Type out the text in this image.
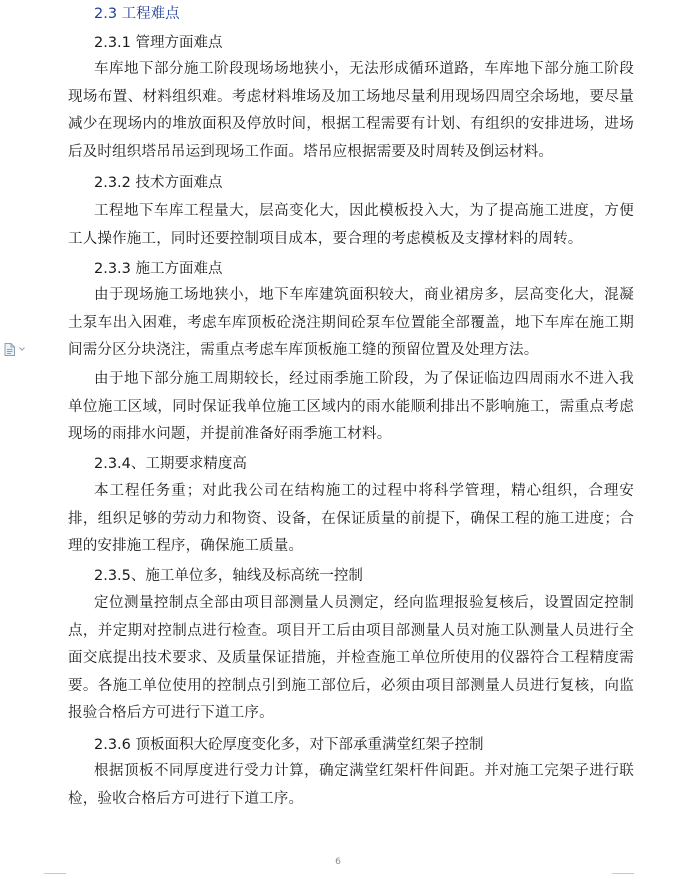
2.3 工程难点
2.3.1 管理方面难点

车库地下部分施工阶段现场场地狭小，无法形成循环道路，车库地下部分施工阶段现场布置、材料组织难。考虑材料堆场及加工场地尽量利用现场四周空余场地，要尽量减少在现场内的堆放面积及停放时间，根据工程需要有计划、有组织的安排进场，进场后及时组织塔吊吊运到现场工作面。塔吊应根据需要及时周转及倒运材料。

2.3.2 技术方面难点

工程地下车库工程量大，层高变化大，因此模板投入大，为了提高施工进度，方便工人操作施工，同时还要控制项目成本，要合理的考虑模板及支撑材料的周转。

2.3.3 施工方面难点

由于现场施工场地狭小，地下车库建筑面积较大，商业裙房多，层高变化大，混凝土泵车出入困难，考虑车库顶板砼浇注期间砼泵车位置能全部覆盖，地下车库在施工期间需分区分块浇注，需重点考虑车库顶板施工缝的预留位置及处理方法。

由于地下部分施工周期较长，经过雨季施工阶段，为了保证临边四周雨水不进入我单位施工区域，同时保证我单位施工区域内的雨水能顺利排出不影响施工，需重点考虑现场的雨排水问题，并提前准备好雨季施工材料。

2.3.4、工期要求精度高

本工程任务重；对此我公司在结构施工的过程中将科学管理，精心组织，合理安排，组织足够的劳动力和物资、设备，在保证质量的前提下，确保工程的施工进度；合理的安排施工程序，确保施工质量。

2.3.5、施工单位多，轴线及标高统一控制

定位测量控制点全部由项目部测量人员测定，经向监理报验复核后，设置固定控制点，并定期对控制点进行检查。项目开工后由项目部测量人员对施工队测量人员进行全面交底提出技术要求、及质量保证措施，并检查施工单位所使用的仪器符合工程精度需要。各施工单位使用的控制点引到施工部位后，必须由项目部测量人员进行复核，向监报验合格后方可进行下道工序。

2.3.6 顶板面积大砼厚度变化多，对下部承重满堂红架子控制

根据顶板不同厚度进行受力计算，确定满堂红架杆件间距。并对施工完架子进行联检，验收合格后方可进行下道工序。

6
